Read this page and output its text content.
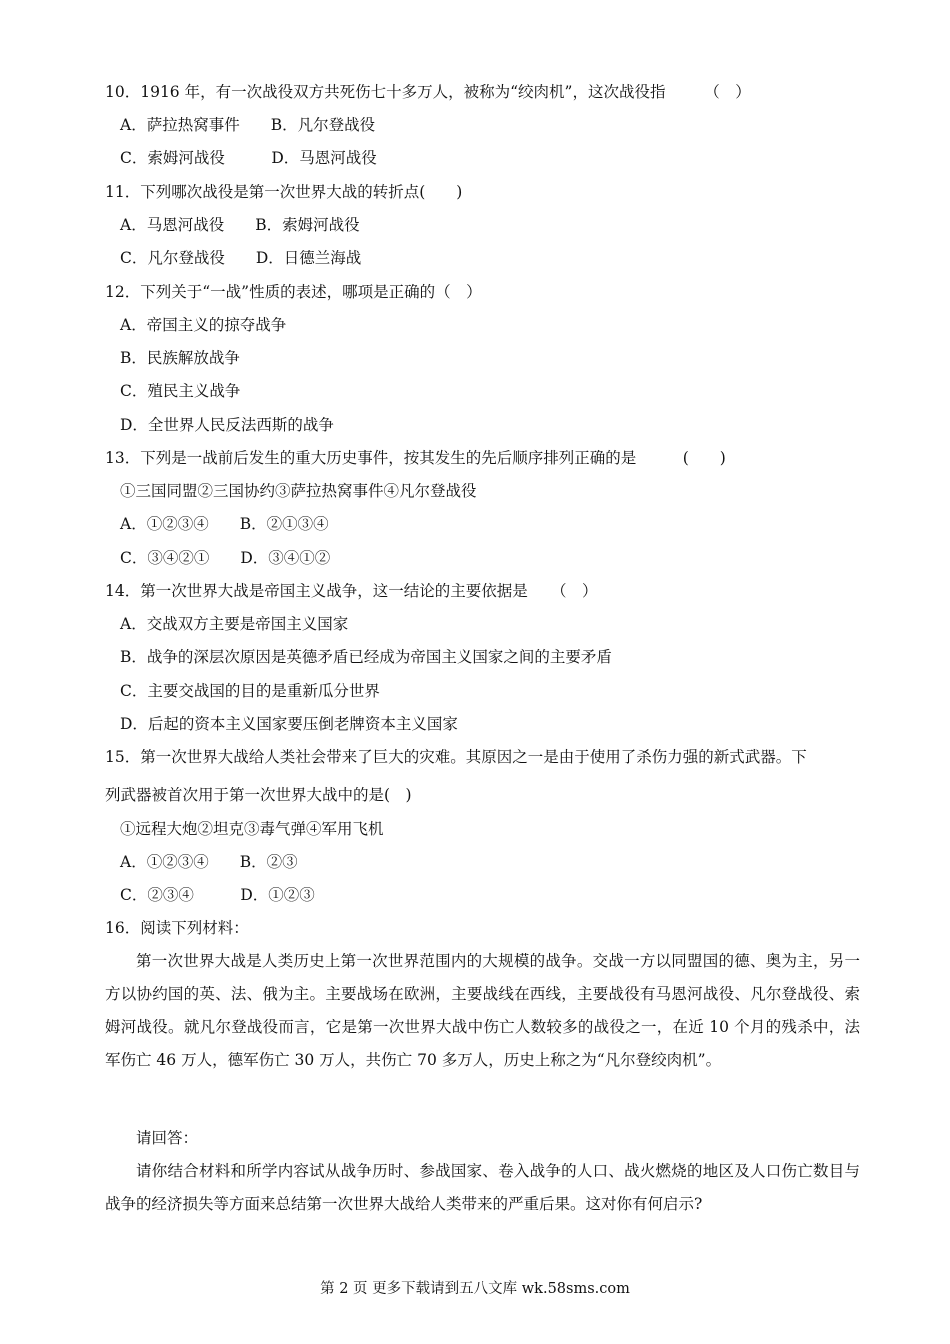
10．1916 年，有一次战役双方共死伤七十多万人，被称为“绞肉机”，这次战役指　　　（　）
A．萨拉热窝事件　　B．凡尔登战役
C．索姆河战役　　　D．马恩河战役
11．下列哪次战役是第一次世界大战的转折点(　　)
A．马恩河战役　　B．索姆河战役
C．凡尔登战役　　D．日德兰海战
12．下列关于“一战”性质的表述，哪项是正确的（　）
A．帝国主义的掠夺战争
B．民族解放战争
C．殖民主义战争
D．全世界人民反法西斯的战争
13．下列是一战前后发生的重大历史事件，按其发生的先后顺序排列正确的是　　　(　　)
①三国同盟②三国协约③萨拉热窝事件④凡尔登战役
A．①②③④　　B．②①③④
C．③④②①　　D．③④①②
14．第一次世界大战是帝国主义战争，这一结论的主要依据是　　（　）
A．交战双方主要是帝国主义国家
B．战争的深层次原因是英德矛盾已经成为帝国主义国家之间的主要矛盾
C．主要交战国的目的是重新瓜分世界
D．后起的资本主义国家要压倒老牌资本主义国家
15．第一次世界大战给人类社会带来了巨大的灾难。其原因之一是由于使用了杀伤力强的新式武器。下
列武器被首次用于第一次世界大战中的是(　)
①远程大炮②坦克③毒气弹④军用飞机
A．①②③④　　B．②③
C．②③④　　　D．①②③
16．阅读下列材料：
第一次世界大战是人类历史上第一次世界范围内的大规模的战争。交战一方以同盟国的德、奥为主，另一方以协约国的英、法、俄为主。主要战场在欧洲，主要战线在西线，主要战役有马恩河战役、凡尔登战役、索姆河战役。就凡尔登战役而言，它是第一次世界大战中伤亡人数较多的战役之一，在近 10 个月的残杀中，法军伤亡 46 万人，德军伤亡 30 万人，共伤亡 70 多万人，历史上称之为“凡尔登绞肉机”。
请回答：
请你结合材料和所学内容试从战争历时、参战国家、卷入战争的人口、战火燃烧的地区及人口伤亡数目与战争的经济损失等方面来总结第一次世界大战给人类带来的严重后果。这对你有何启示?
第 2 页 更多下载请到五八文库 wk.58sms.com
